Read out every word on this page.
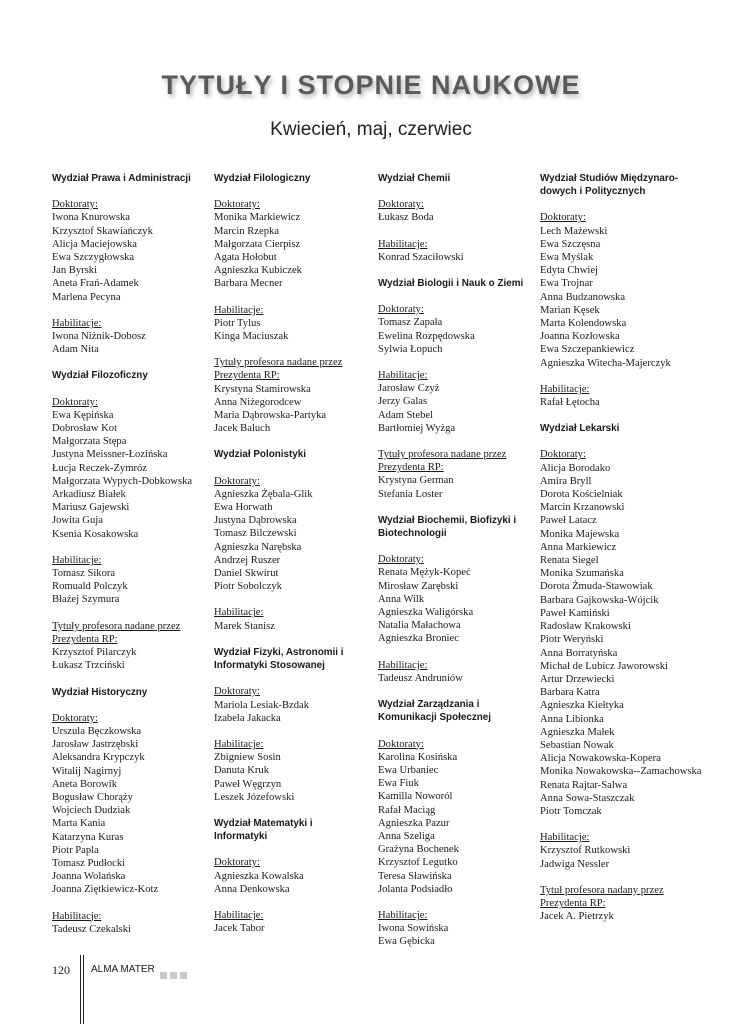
TYTUŁY I STOPNIE NAUKOWE
Kwiecień, maj, czerwiec
Wydział Prawa i Administracji
Doktoraty:
Iwona Knurowska
Krzysztof Skawiańczyk
Alicja Maciejowska
Ewa Szczygłowska
Jan Byrski
Aneta Frań-Adamek
Marlena Pecyna
Habilitacje:
Iwona Niżnik-Dobosz
Adam Nita
Wydział Filozoficzny
Doktoraty:
Ewa Kępińska
Dobrosław Kot
Małgorzata Stępa
Justyna Meissner-Łozińska
Łucja Reczek-Zymróz
Małgorzata Wypych-Dobkowska
Arkadiusz Białek
Mariusz Gajewski
Jowita Guja
Ksenia Kosakowska
Habilitacje:
Tomasz Sikora
Romuald Polczyk
Błażej Szymura
Tytuły profesora nadane przez Prezydenta RP:
Krzysztof Pilarczyk
Łukasz Trzciński
Wydział Historyczny
Doktoraty:
Urszula Bęczkowska
Jarosław Jastrzębski
Aleksandra Krypczyk
Witalij Nagirnyj
Aneta Borowik
Bogusław Chorąży
Wojciech Dudziak
Marta Kania
Katarzyna Kuras
Piotr Papla
Tomasz Pudłocki
Joanna Wolańska
Joanna Ziętkiewicz-Kotz
Habilitacje:
Tadeusz Czekalski
Wydział Filologiczny
Doktoraty:
Monika Markiewicz
Marcin Rzepka
Małgorzata Cierpisz
Agata Hołobut
Agnieszka Kubiczek
Barbara Mecner
Habilitacje:
Piotr Tylus
Kinga Maciuszak
Tytuły profesora nadane przez Prezydenta RP:
Krystyna Stamirowska
Anna Niżegorodcew
Maria Dąbrowska-Partyka
Jacek Baluch
Wydział Polonistyki
Doktoraty:
Agnieszka Żębala-Glik
Ewa Horwath
Justyna Dąbrowska
Tomasz Bilczewski
Agnieszka Narębska
Andrzej Ruszer
Daniel Skwirut
Piotr Sobolczyk
Habilitacje:
Marek Stanisz
Wydział Fizyki, Astronomii i Informatyki Stosowanej
Doktoraty:
Mariola Lesiak-Bzdak
Izabela Jakacka
Habilitacje:
Zbigniew Sosin
Danuta Kruk
Paweł Węgrzyn
Leszek Józefowski
Wydział Matematyki i Informatyki
Doktoraty:
Agnieszka Kowalska
Anna Denkowska
Habilitacje:
Jacek Tabor
Wydział Chemii
Doktoraty:
Łukasz Boda
Habilitacje:
Konrad Szaciłowski
Wydział Biologii i Nauk o Ziemi
Doktoraty:
Tomasz Zapała
Ewelina Rozpędowska
Sylwia Łopuch
Habilitacje:
Jarosław Czyż
Jerzy Galas
Adam Stebel
Bartłomiej Wyżga
Tytuły profesora nadane przez Prezydenta RP:
Krystyna German
Stefania Loster
Wydział Biochemii, Biofizyki i Biotechnologii
Doktoraty:
Renata Mężyk-Kopeć
Mirosław Zarębski
Anna Wilk
Agnieszka Waligórska
Natalia Małachowa
Agnieszka Broniec
Habilitacje:
Tadeusz Andruniów
Wydział Zarządzania i Komunikacji Społecznej
Doktoraty:
Karolina Kosińska
Ewa Urbaniec
Ewa Fiuk
Kamilla Noworól
Rafał Maciąg
Agnieszka Pazur
Anna Szeliga
Grażyna Bochenek
Krzysztof Legutko
Teresa Sławińska
Jolanta Podsiadło
Habilitacje:
Iwona Sowińska
Ewa Gębicka
Wydział Studiów Międzynaro-dowych i Politycznych
Doktoraty:
Lech Mażewski
Ewa Szczęsna
Ewa Myślak
Edyta Chwiej
Ewa Trojnar
Anna Budzanowska
Marian Kęsek
Marta Kolendowska
Joanna Kozłowska
Ewa Szczepankiewicz
Agnieszka Witecha-Majerczyk
Habilitacje:
Rafał Łętocha
Wydział Lekarski
Doktoraty:
Alicja Borodako
Amira Bryll
Dorota Kościelniak
Marcin Krzanowski
Paweł Latacz
Monika Majewska
Anna Markiewicz
Renata Siegel
Monika Szumańska
Dorota Żmuda-Stawowiak
Barbara Gajkowska-Wójcik
Paweł Kamiński
Radosław Krakowski
Piotr Weryński
Anna Borratyńska
Michał de Lubicz Jaworowski
Artur Drzewiecki
Barbara Katra
Agnieszka Kiełtyka
Anna Libionka
Agnieszka Małek
Sebastian Nowak
Alicja Nowakowska-Kopera
Monika Nowakowska--Zamachowska
Renata Rajtar-Salwa
Anna Sowa-Staszczak
Piotr Tomczak
Habilitacje:
Krzysztof Rutkowski
Jadwiga Nessler
Tytuł profesora nadany przez Prezydenta RP:
Jacek A. Pietrzyk
120 ALMA MATER
